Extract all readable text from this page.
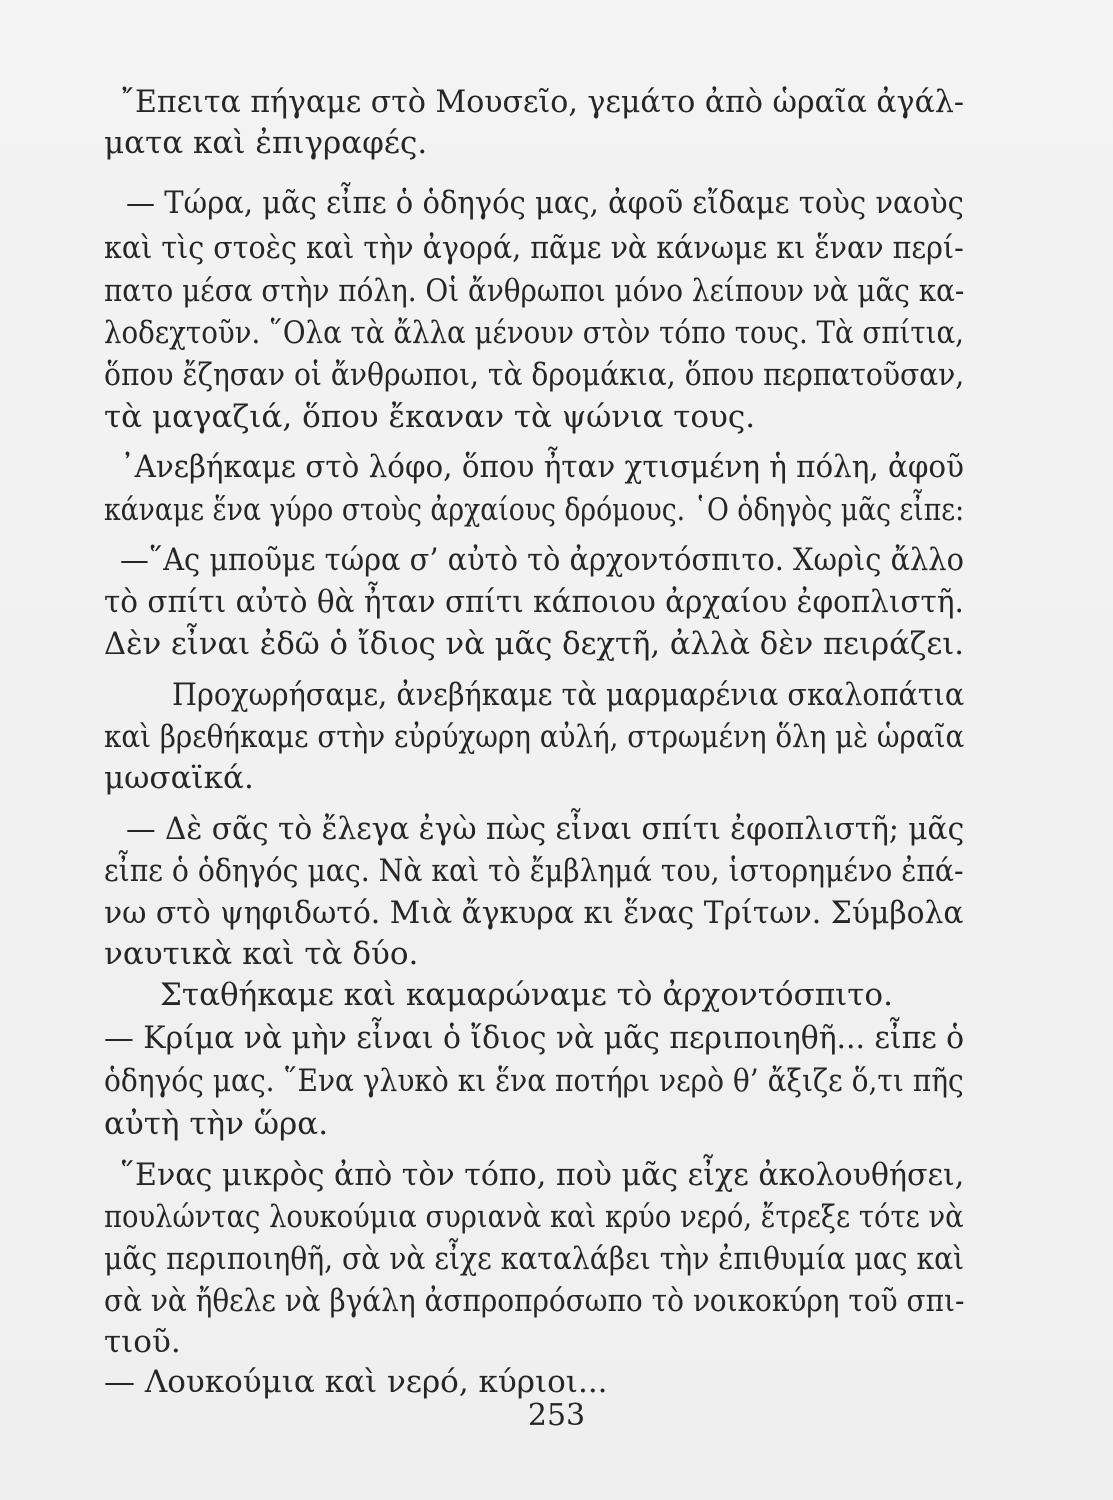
῎Επειτα πήγαμε στὸ Μουσεῖο, γεμάτο ἀπὸ ὡραῖα ἀγάλ-
ματα καὶ ἐπιγραφές.
— Τώρα, μᾶς εἶπε ὁ ὁδηγός μας, ἀφοῦ εἴδαμε τοὺς ναοὺς
καὶ τὶς στοὲς καὶ τὴν ἀγορά, πᾶμε νὰ κάνωμε κι ἕναν περί-
πατο μέσα στὴν πόλη. Οἱ ἄνθρωποι μόνο λείπουν νὰ μᾶς κα-
λοδεχτοῦν. ῞Ολα τὰ ἄλλα μένουν στὸν τόπο τους. Τὰ σπίτια,
ὅπου ἔζησαν οἱ ἄνθρωποι, τὰ δρομάκια, ὅπου περπατοῦσαν,
τὰ μαγαζιά, ὅπου ἔκαναν τὰ ψώνια τους.
᾿Ανεβήκαμε στὸ λόφο, ὅπου ἦταν χτισμένη ἡ πόλη, ἀφοῦ
κάναμε ἕνα γύρο στοὺς ἀρχαίους δρόμους. ῾Ο ὁδηγὸς μᾶς εἶπε:
—῞Ας μποῦμε τώρα σ’ αὐτὸ τὸ ἀρχοντόσπιτο. Χωρὶς ἄλλο
τὸ σπίτι αὐτὸ θὰ ἦταν σπίτι κάποιου ἀρχαίου ἐφοπλιστῆ.
Δὲν εἶναι ἐδῶ ὁ ἴδιος νὰ μᾶς δεχτῆ, ἀλλὰ δὲν πειράζει.
Προχωρήσαμε, ἀνεβήκαμε τὰ μαρμαρένια σκαλοπάτια
καὶ βρεθήκαμε στὴν εὐρύχωρη αὐλή, στρωμένη ὅλη μὲ ὡραῖα
μωσαϊκά.
— Δὲ σᾶς τὸ ἔλεγα ἐγὼ πὼς εἶναι σπίτι ἐφοπλιστῆ; μᾶς
εἶπε ὁ ὁδηγός μας. Νὰ καὶ τὸ ἔμβλημά του, ἱστορημένο ἐπά-
νω στὸ ψηφιδωτό. Μιὰ ἄγκυρα κι ἕνας Τρίτων. Σύμβολα
ναυτικὰ καὶ τὰ δύο.
Σταθήκαμε καὶ καμαρώναμε τὸ ἀρχοντόσπιτο.
— Κρίμα νὰ μὴν εἶναι ὁ ἴδιος νὰ μᾶς περιποιηθῆ... εἶπε ὁ
ὁδηγός μας. ῞Ενα γλυκὸ κι ἕνα ποτήρι νερὸ θ’ ἄξιζε ὅ,τι πῆς
αὐτὴ τὴν ὥρα.
῞Ενας μικρὸς ἀπὸ τὸν τόπο, ποὺ μᾶς εἶχε ἀκολουθήσει,
πουλώντας λουκούμια συριανὰ καὶ κρύο νερό, ἔτρεξε τότε νὰ
μᾶς περιποιηθῆ, σὰ νὰ εἶχε καταλάβει τὴν ἐπιθυμία μας καὶ
σὰ νὰ ἤθελε νὰ βγάλη ἀσπροπρόσωπο τὸ νοικοκύρη τοῦ σπι-
τιοῦ.
— Λουκούμια καὶ νερό, κύριοι...
253
